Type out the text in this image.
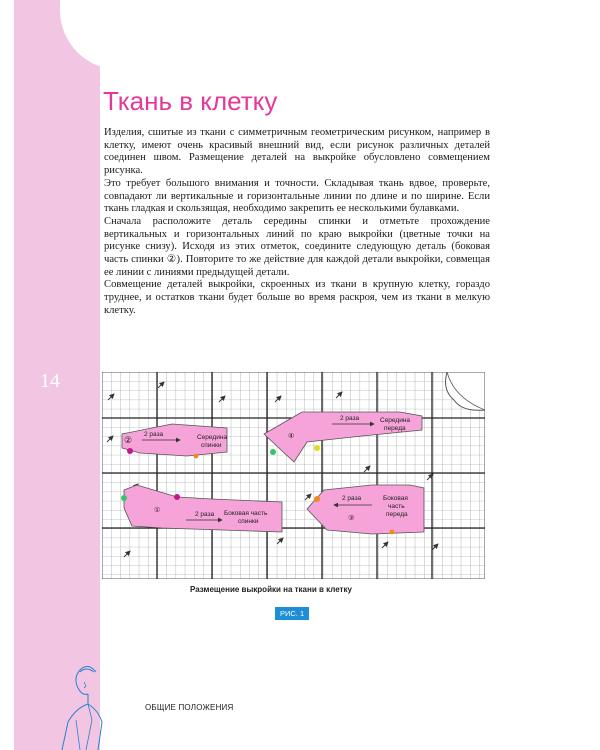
14
Ткань в клетку

Изделия, сшитые из ткани с симметричным геометрическим рисунком, например в клетку, имеют очень красивый внешний вид, если рисунок различных деталей соединен швом. Размещение деталей на выкройке обусловлено совмещением рисунка.

Это требует большого внимания и точности. Складывая ткань вдвое, проверьте, совпадают ли вертикальные и горизонтальные линии по длине и по ширине. Если ткань гладкая и скользящая, необходимо закрепить ее несколькими булавками.

Сначала расположите деталь середины спинки и отметьте прохождение вертикальных и горизонтальных линий по краю выкройки (цветные точки на рисунке снизу). Исходя из этих отметок, соедините следующую деталь (боковая часть спинки ②). Повторите то же действие для каждой детали выкройки, совмещая ее линии с линиями предыдущей детали.

Совмещение деталей выкройки, скроенных из ткани в крупную клетку, гораздо труднее, и остатков ткани будет больше во время раскроя, чем из ткани в мелкую клетку.

②
2 раза	Середина
спинки
④
2 раза	Середина
переда
①
2 раза Боковая часть
спинки
2 раза
③
Боковая
часть
переда
Размещение выкройки на ткани в клетку
РИС. 1
ОБЩИЕ ПОЛОЖЕНИЯ
